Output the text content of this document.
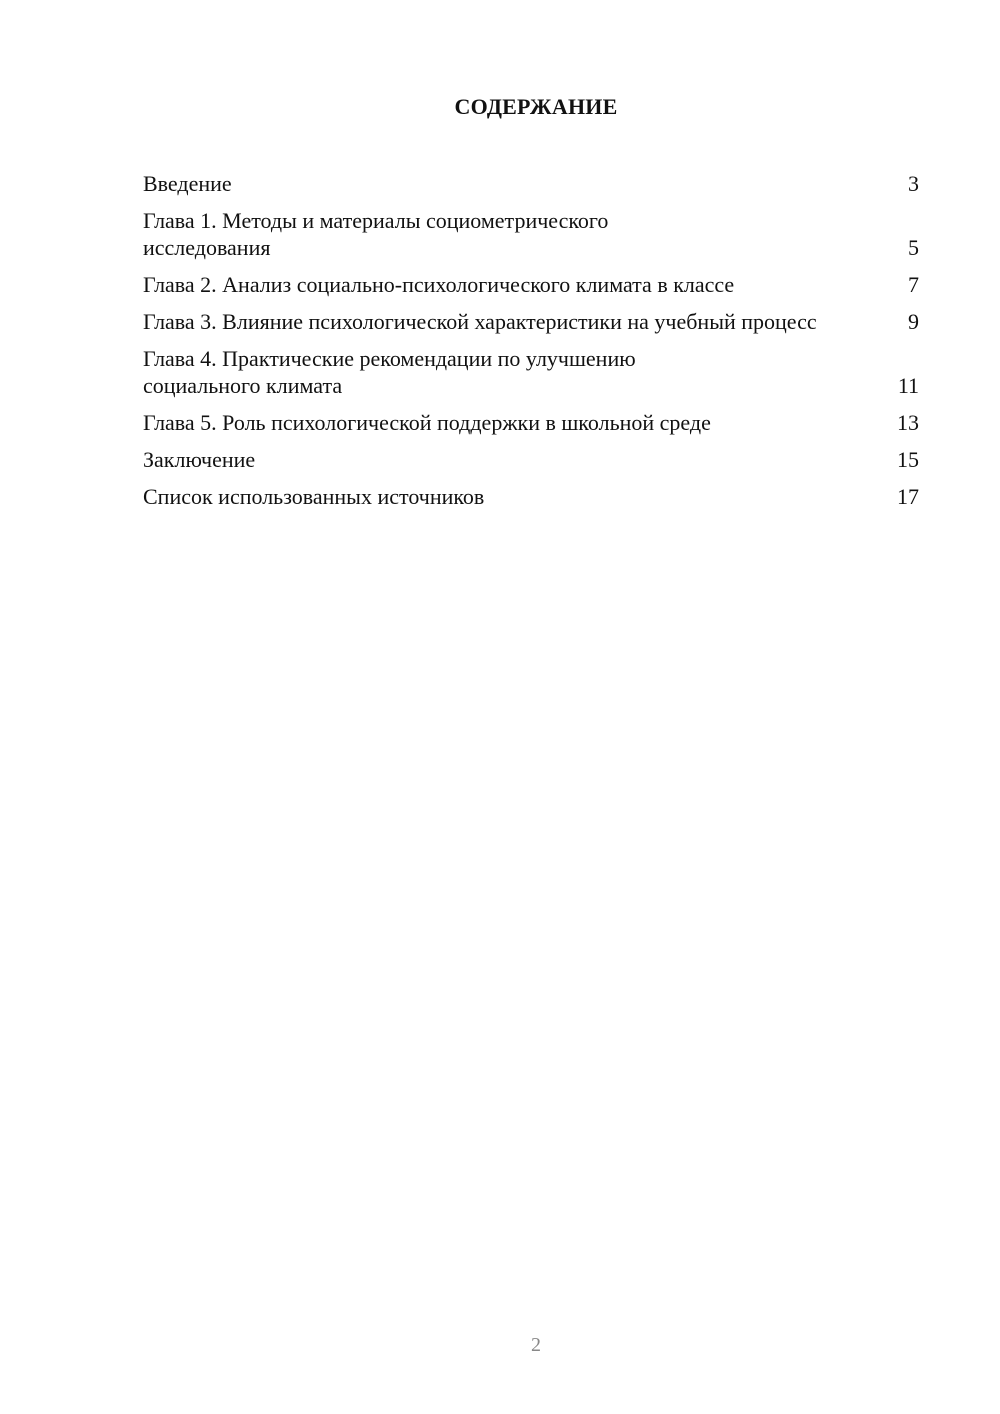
СОДЕРЖАНИЕ
Введение	3
Глава 1. Методы и материалы социометрического исследования	5
Глава 2. Анализ социально-психологического климата в классе	7
Глава 3. Влияние психологической характеристики на учебный процесс	9
Глава 4. Практические рекомендации по улучшению социального климата	11
Глава 5. Роль психологической поддержки в школьной среде	13
Заключение	15
Список использованных источников	17
2
